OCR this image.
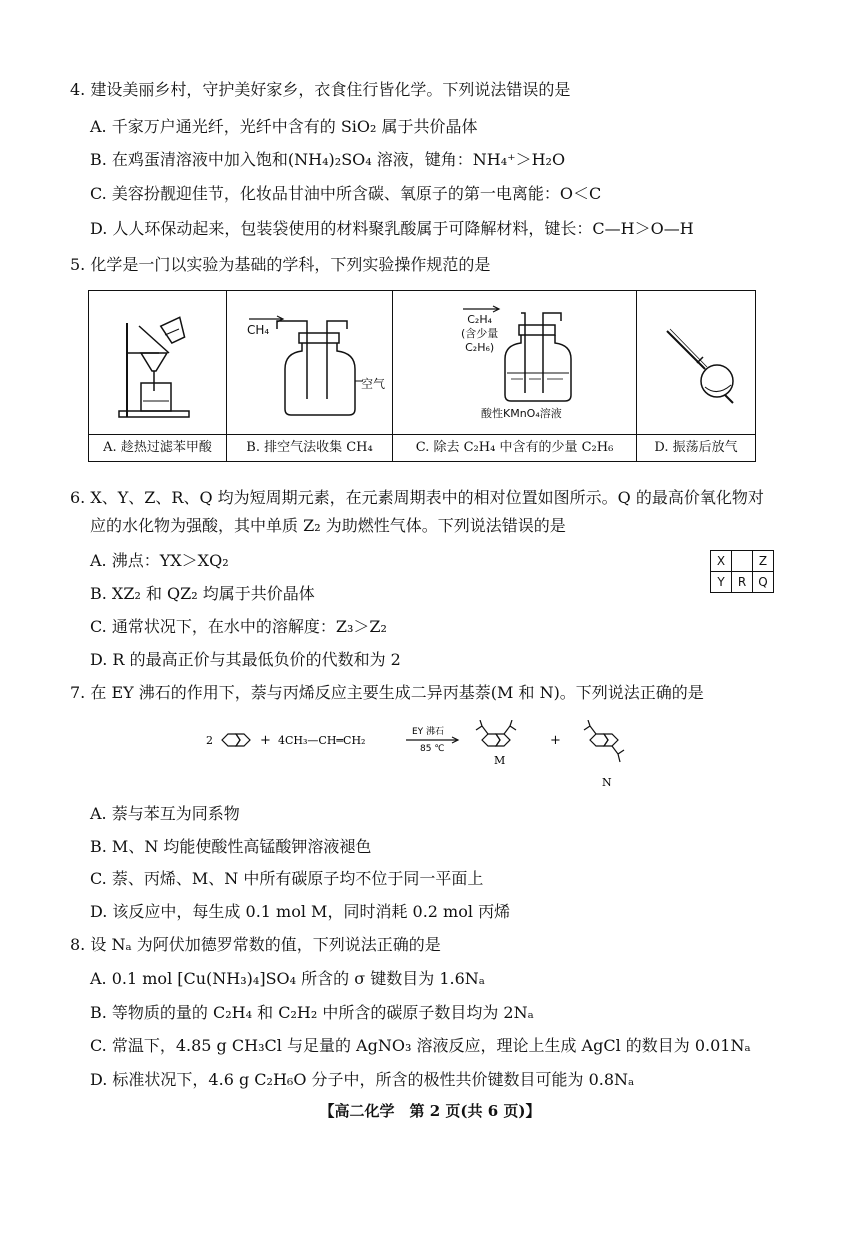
4. 建设美丽乡村，守护美好家乡，衣食住行皆化学。下列说法错误的是
A. 千家万户通光纤，光纤中含有的 SiO₂ 属于共价晶体
B. 在鸡蛋清溶液中加入饱和(NH₄)₂SO₄ 溶液，键角：NH₄⁺＞H₂O
C. 美容扮靓迎佳节，化妆品甘油中所含碳、氧原子的第一电离能：O＜C
D. 人人环保动起来，包装袋使用的材料聚乳酸属于可降解材料，键长：C—H＞O—H
5. 化学是一门以实验为基础的学科，下列实验操作规范的是
A. 趁热过滤苯甲酸
CH₄
空气
B. 排空气法收集 CH₄
C₂H₄
(含少量
C₂H₆)
酸性KMnO₄溶液
C. 除去 C₂H₄ 中含有的少量 C₂H₆	D. 振荡后放气
6. X、Y、Z、R、Q 均为短周期元素，在元素周期表中的相对位置如图所示。Q 的最高价氧化物对
应的水化物为强酸，其中单质 Z₂ 为助燃性气体。下列说法错误的是
A. 沸点：YX＞XQ₂
B. XZ₂ 和 QZ₂ 均属于共价晶体
C. 通常状况下，在水中的溶解度：Z₃＞Z₂
D. R 的最高正价与其最低负价的代数和为 2
X		Z
Y	R	Q
7. 在 EY 沸石的作用下，萘与丙烯反应主要生成二异丙基萘(M 和 N)。下列说法正确的是
2	+ 4CH₃—CH═CH₂
EY 沸石
85 ℃
M
+
N
A. 萘与苯互为同系物
B. M、N 均能使酸性高锰酸钾溶液褪色
C. 萘、丙烯、M、N 中所有碳原子均不位于同一平面上
D. 该反应中，每生成 0.1 mol M，同时消耗 0.2 mol 丙烯
8. 设 Nₐ 为阿伏加德罗常数的值，下列说法正确的是
A. 0.1 mol [Cu(NH₃)₄]SO₄ 所含的 σ 键数目为 1.6Nₐ
B. 等物质的量的 C₂H₄ 和 C₂H₂ 中所含的碳原子数目均为 2Nₐ
C. 常温下，4.85 g CH₃Cl 与足量的 AgNO₃ 溶液反应，理论上生成 AgCl 的数目为 0.01Nₐ
D. 标准状况下，4.6 g C₂H₆O 分子中，所含的极性共价键数目可能为 0.8Nₐ
【高二化学　第 2 页(共 6 页)】
